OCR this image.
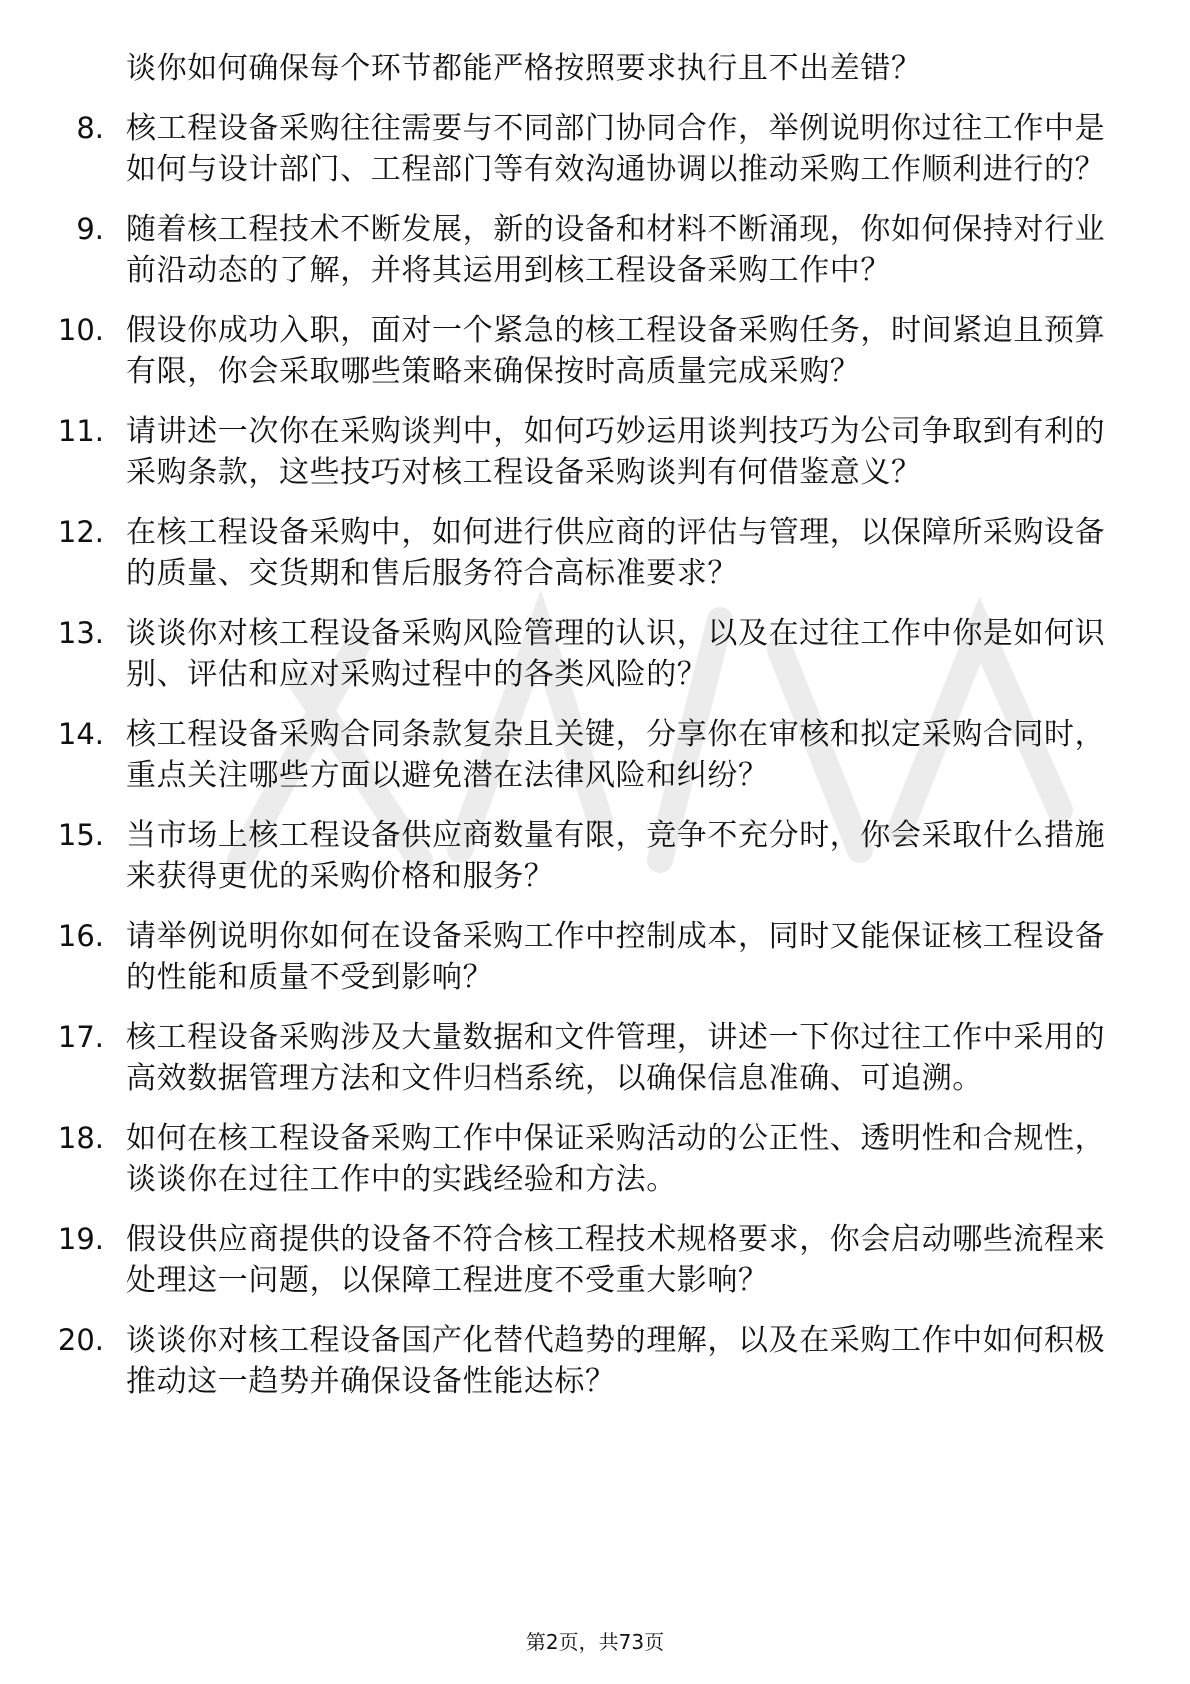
谈你如何确保每个环节都能严格按照要求执行且不出差错？
8. 核工程设备采购往往需要与不同部门协同合作，举例说明你过往工作中是如何与设计部门、工程部门等有效沟通协调以推动采购工作顺利进行的？
9. 随着核工程技术不断发展，新的设备和材料不断涌现，你如何保持对行业前沿动态的了解，并将其运用到核工程设备采购工作中？
10. 假设你成功入职，面对一个紧急的核工程设备采购任务，时间紧迫且预算有限，你会采取哪些策略来确保按时高质量完成采购？
11. 请讲述一次你在采购谈判中，如何巧妙运用谈判技巧为公司争取到有利的采购条款，这些技巧对核工程设备采购谈判有何借鉴意义？
12. 在核工程设备采购中，如何进行供应商的评估与管理，以保障所采购设备的质量、交货期和售后服务符合高标准要求？
13. 谈谈你对核工程设备采购风险管理的认识，以及在过往工作中你是如何识别、评估和应对采购过程中的各类风险的？
14. 核工程设备采购合同条款复杂且关键，分享你在审核和拟定采购合同时，重点关注哪些方面以避免潜在法律风险和纠纷？
15. 当市场上核工程设备供应商数量有限，竞争不充分时，你会采取什么措施来获得更优的采购价格和服务？
16. 请举例说明你如何在设备采购工作中控制成本，同时又能保证核工程设备的性能和质量不受到影响？
17. 核工程设备采购涉及大量数据和文件管理，讲述一下你过往工作中采用的高效数据管理方法和文件归档系统，以确保信息准确、可追溯。
18. 如何在核工程设备采购工作中保证采购活动的公正性、透明性和合规性，谈谈你在过往工作中的实践经验和方法。
19. 假设供应商提供的设备不符合核工程技术规格要求，你会启动哪些流程来处理这一问题，以保障工程进度不受重大影响？
20. 谈谈你对核工程设备国产化替代趋势的理解，以及在采购工作中如何积极推动这一趋势并确保设备性能达标？
第2页，共73页
